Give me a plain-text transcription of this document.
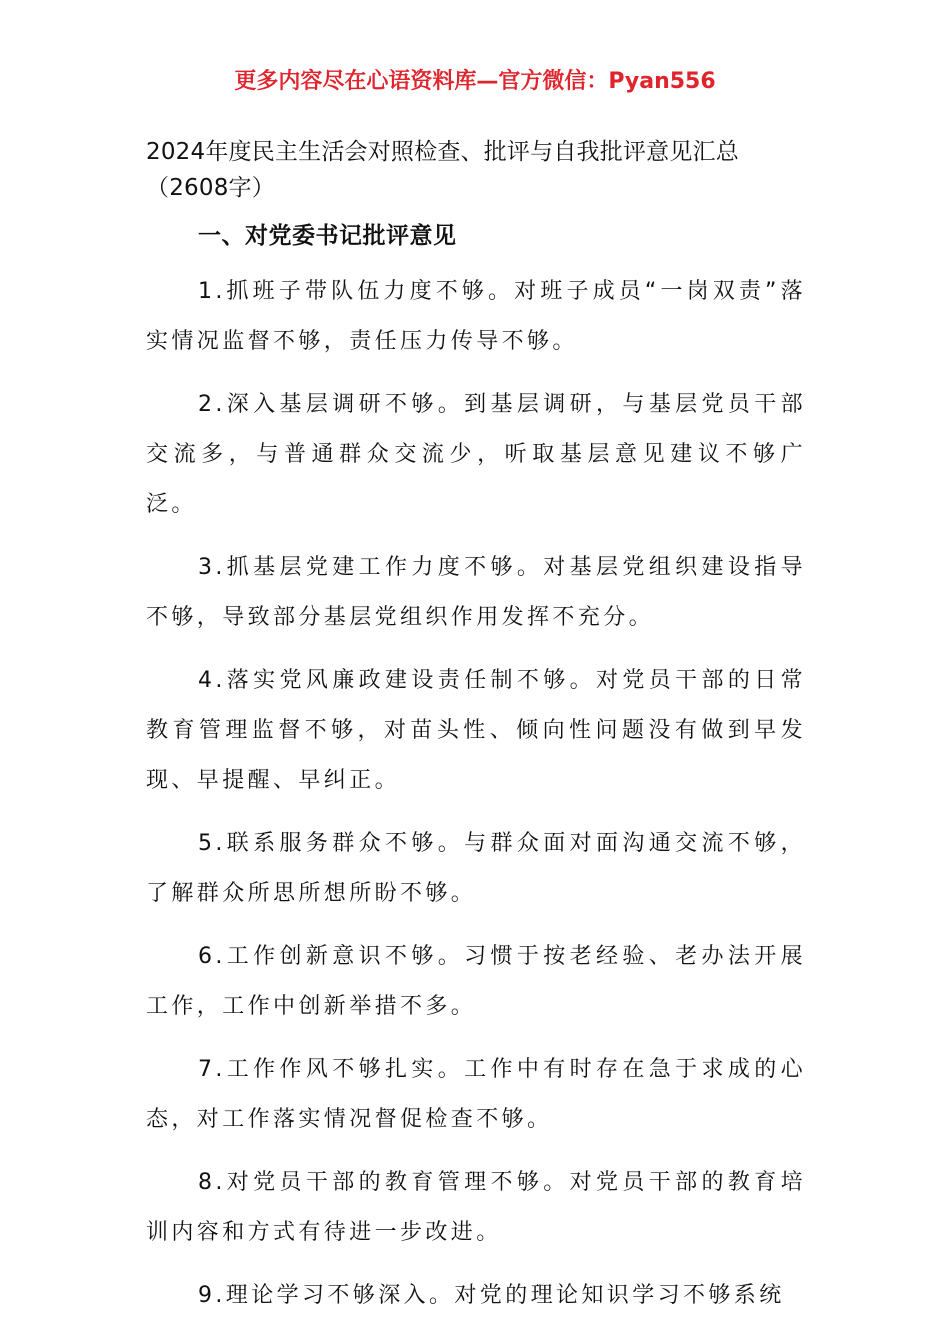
更多内容尽在心语资料库—官方微信：Pyan556
2024年度民主生活会对照检查、批评与自我批评意见汇总（2608字）
一、对党委书记批评意见

1.抓班子带队伍力度不够。对班子成员“一岗双责”落实情况监督不够，责任压力传导不够。

2.深入基层调研不够。到基层调研，与基层党员干部交流多，与普通群众交流少，听取基层意见建议不够广泛。

3.抓基层党建工作力度不够。对基层党组织建设指导不够，导致部分基层党组织作用发挥不充分。

4.落实党风廉政建设责任制不够。对党员干部的日常教育管理监督不够，对苗头性、倾向性问题没有做到早发现、早提醒、早纠正。

5.联系服务群众不够。与群众面对面沟通交流不够，了解群众所思所想所盼不够。

6.工作创新意识不够。习惯于按老经验、老办法开展工作，工作中创新举措不多。

7.工作作风不够扎实。工作中有时存在急于求成的心态，对工作落实情况督促检查不够。

8.对党员干部的教育管理不够。对党员干部的教育培训内容和方式有待进一步改进。

9.理论学习不够深入。对党的理论知识学习不够系统
